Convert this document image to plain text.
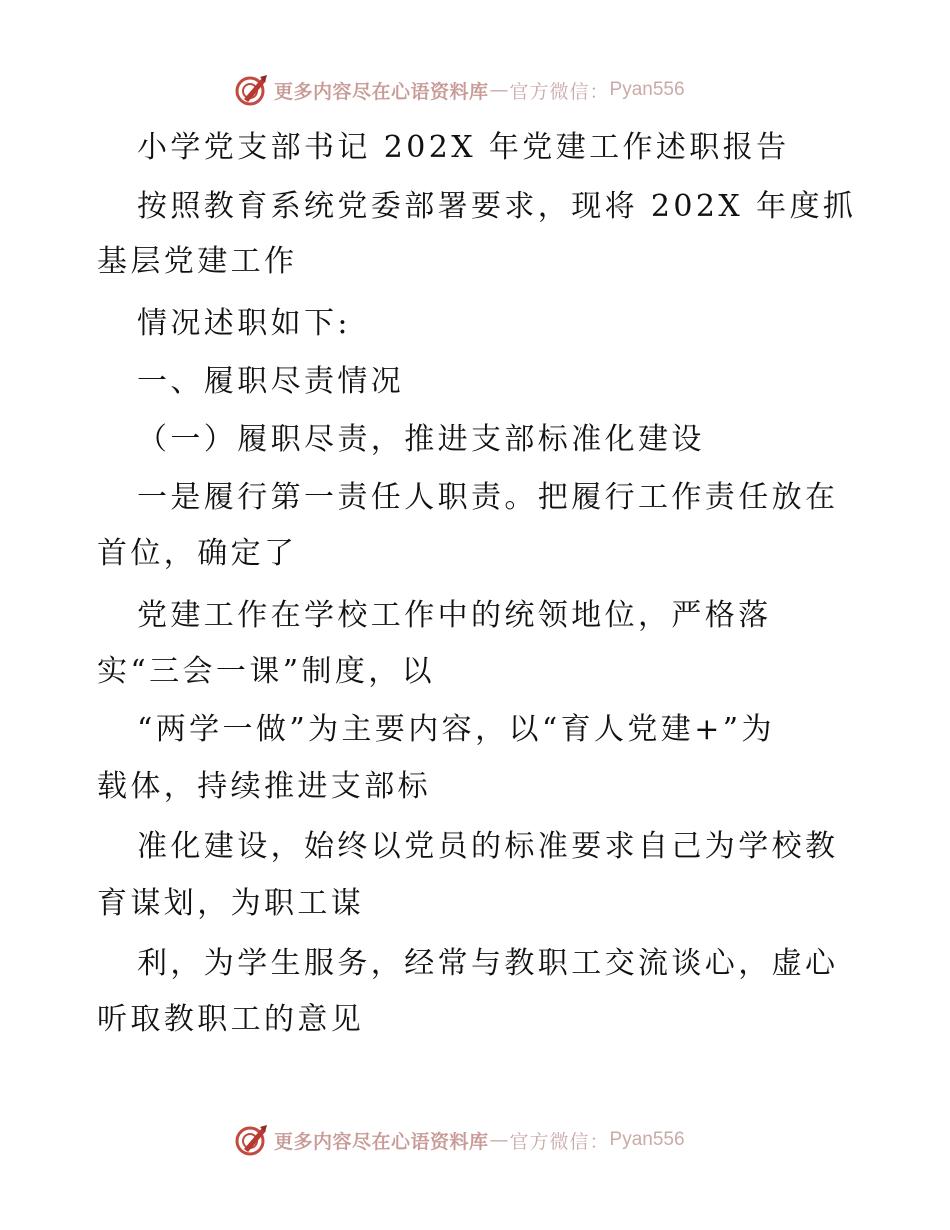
更多内容尽在心语资料库 — 官方微信： Pyan556

小学党支部书记 202X 年党建工作述职报告

按照教育系统党委部署要求，现将 202X 年度抓

基层党建工作

情况述职如下:

一、履职尽责情况

（一）履职尽责，推进支部标准化建设

一是履行第一责任人职责。把履行工作责任放在

首位，确定了

党建工作在学校工作中的统领地位，严格落

实“三会一课”制度，以

“两学一做”为主要内容，以“育人党建+”为

载体，持续推进支部标

准化建设，始终以党员的标准要求自己为学校教

育谋划，为职工谋

利，为学生服务，经常与教职工交流谈心，虚心

听取教职工的意见

更多内容尽在心语资料库 — 官方微信： Pyan556
